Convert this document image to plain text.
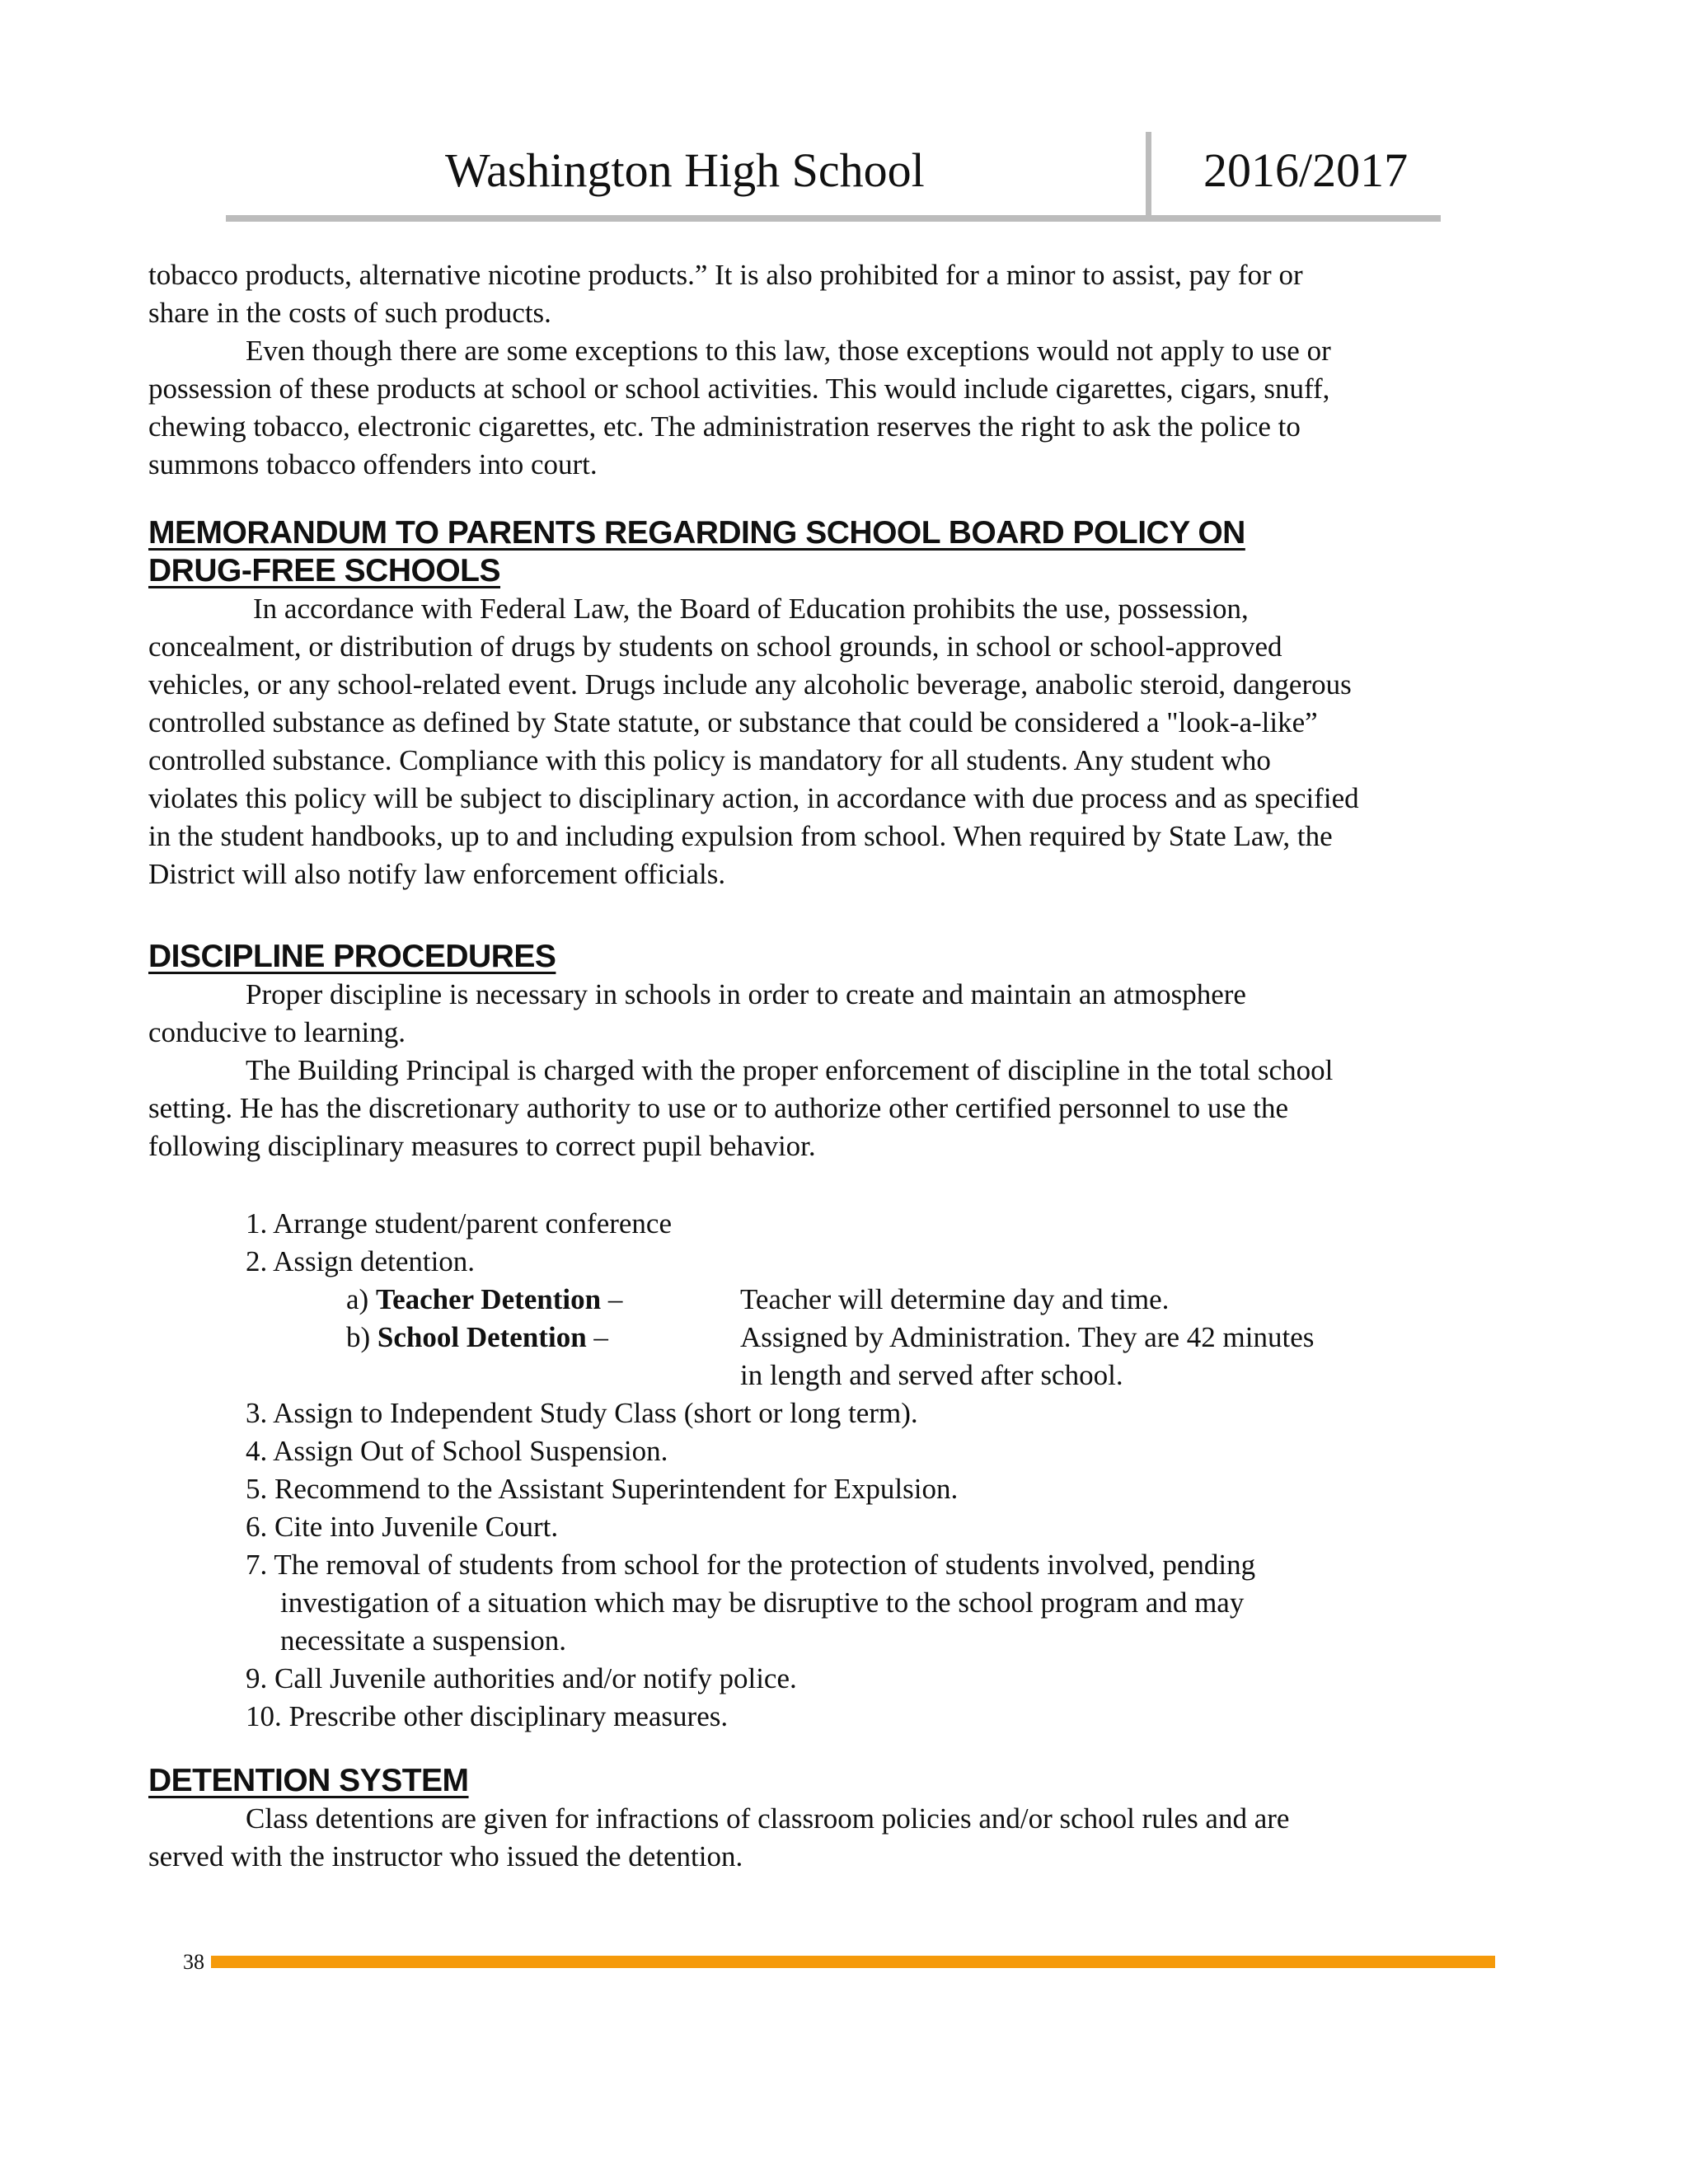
Washington High School	2016/2017
tobacco products, alternative nicotine products.” It is also prohibited for a minor to assist, pay for or
share in the costs of such products.
Even though there are some exceptions to this law, those exceptions would not apply to use or
possession of these products at school or school activities. This would include cigarettes, cigars, snuff,
chewing tobacco, electronic cigarettes, etc. The administration reserves the right to ask the police to
summons tobacco offenders into court.
MEMORANDUM TO PARENTS REGARDING SCHOOL BOARD POLICY ON
DRUG-FREE SCHOOLS
In accordance with Federal Law, the Board of Education prohibits the use, possession,
concealment, or distribution of drugs by students on school grounds, in school or school-approved
vehicles, or any school-related event. Drugs include any alcoholic beverage, anabolic steroid, dangerous
controlled substance as defined by State statute, or substance that could be considered a "look-a-like”
controlled substance. Compliance with this policy is mandatory for all students. Any student who
violates this policy will be subject to disciplinary action, in accordance with due process and as specified
in the student handbooks, up to and including expulsion from school. When required by State Law, the
District will also notify law enforcement officials.
DISCIPLINE PROCEDURES
Proper discipline is necessary in schools in order to create and maintain an atmosphere
conducive to learning.
The Building Principal is charged with the proper enforcement of discipline in the total school
setting. He has the discretionary authority to use or to authorize other certified personnel to use the
following disciplinary measures to correct pupil behavior.
1. Arrange student/parent conference
2. Assign detention.
a) Teacher Detention –	Teacher will determine day and time.
b) School Detention –	Assigned by Administration. They are 42 minutes
in length and served after school.
3. Assign to Independent Study Class (short or long term).
4. Assign Out of School Suspension.
5. Recommend to the Assistant Superintendent for Expulsion.
6. Cite into Juvenile Court.
7. The removal of students from school for the protection of students involved, pending
investigation of a situation which may be disruptive to the school program and may
necessitate a suspension.
9. Call Juvenile authorities and/or notify police.
10. Prescribe other disciplinary measures.
DETENTION SYSTEM
Class detentions are given for infractions of classroom policies and/or school rules and are
served with the instructor who issued the detention.
38
